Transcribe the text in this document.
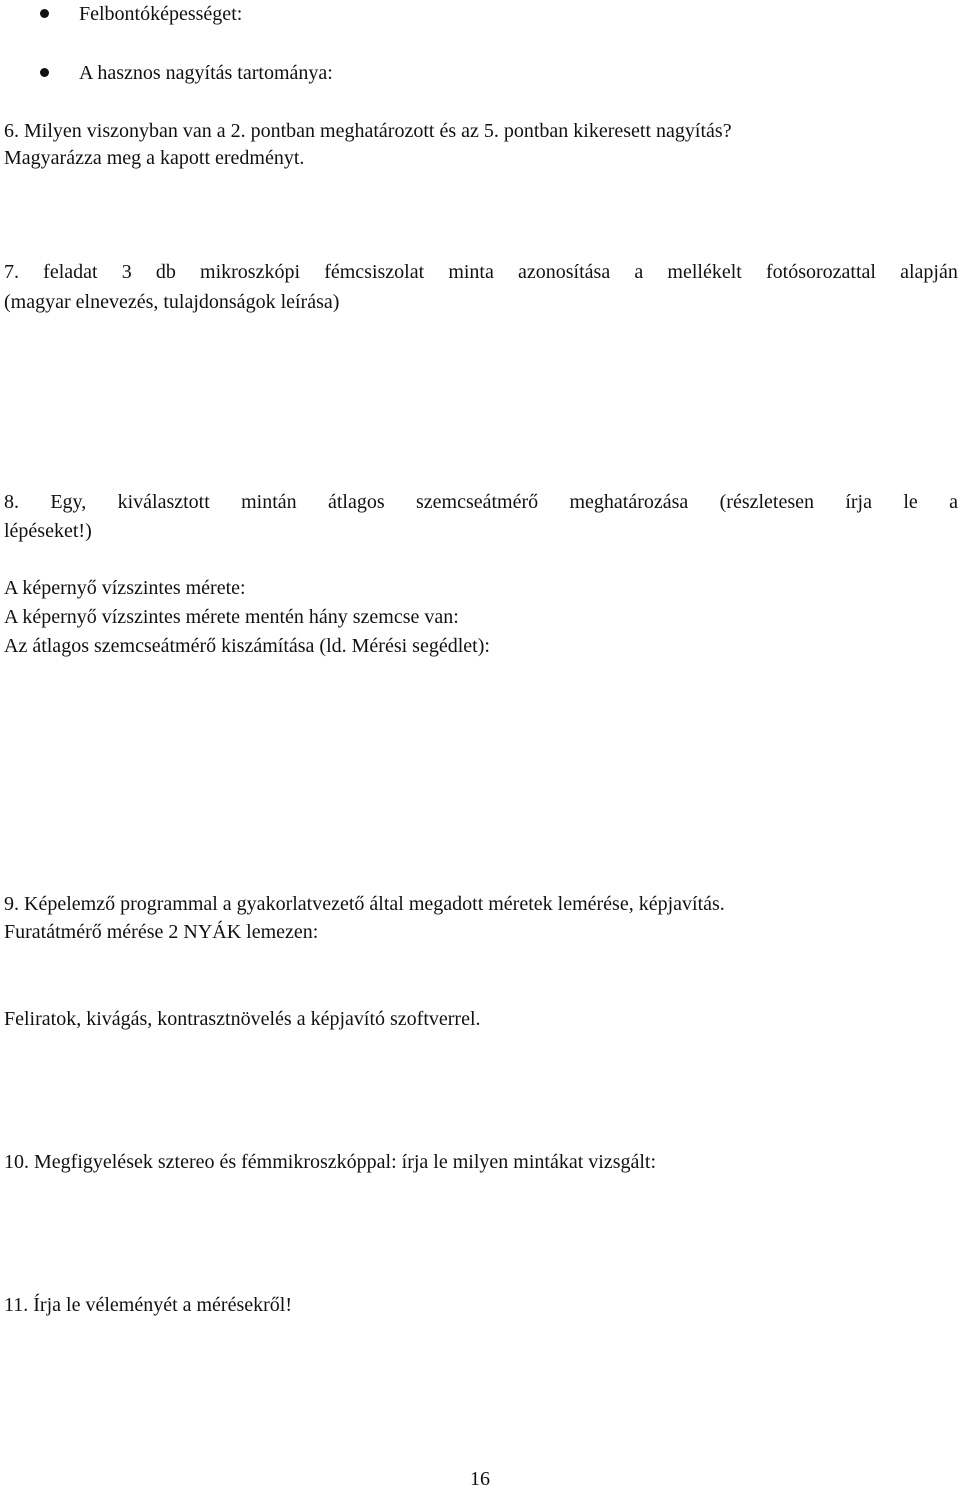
Felbontóképességet:
A hasznos nagyítás tartománya:
6. Milyen viszonyban van a 2. pontban meghatározott és az 5. pontban kikeresett nagyítás?
Magyarázza meg a kapott eredményt.
7. feladat 3 db mikroszkópi fémcsiszolat minta azonosítása a mellékelt fotósorozattal alapján
(magyar elnevezés, tulajdonságok leírása)
8. Egy, kiválasztott mintán átlagos szemcseátmérő meghatározása (részletesen írja le a
lépéseket!)
A képernyő vízszintes mérete:
A képernyő vízszintes mérete mentén hány szemcse van:
Az átlagos szemcseátmérő kiszámítása (ld. Mérési segédlet):
9. Képelemző programmal a gyakorlatvezető által megadott méretek lemérése, képjavítás.
Furatátmérő mérése 2 NYÁK lemezen:
Feliratok, kivágás, kontrasztnövelés a képjavító szoftverrel.
10. Megfigyelések sztereo és fémmikroszkóppal: írja le milyen mintákat vizsgált:
11. Írja le véleményét a mérésekről!
16
